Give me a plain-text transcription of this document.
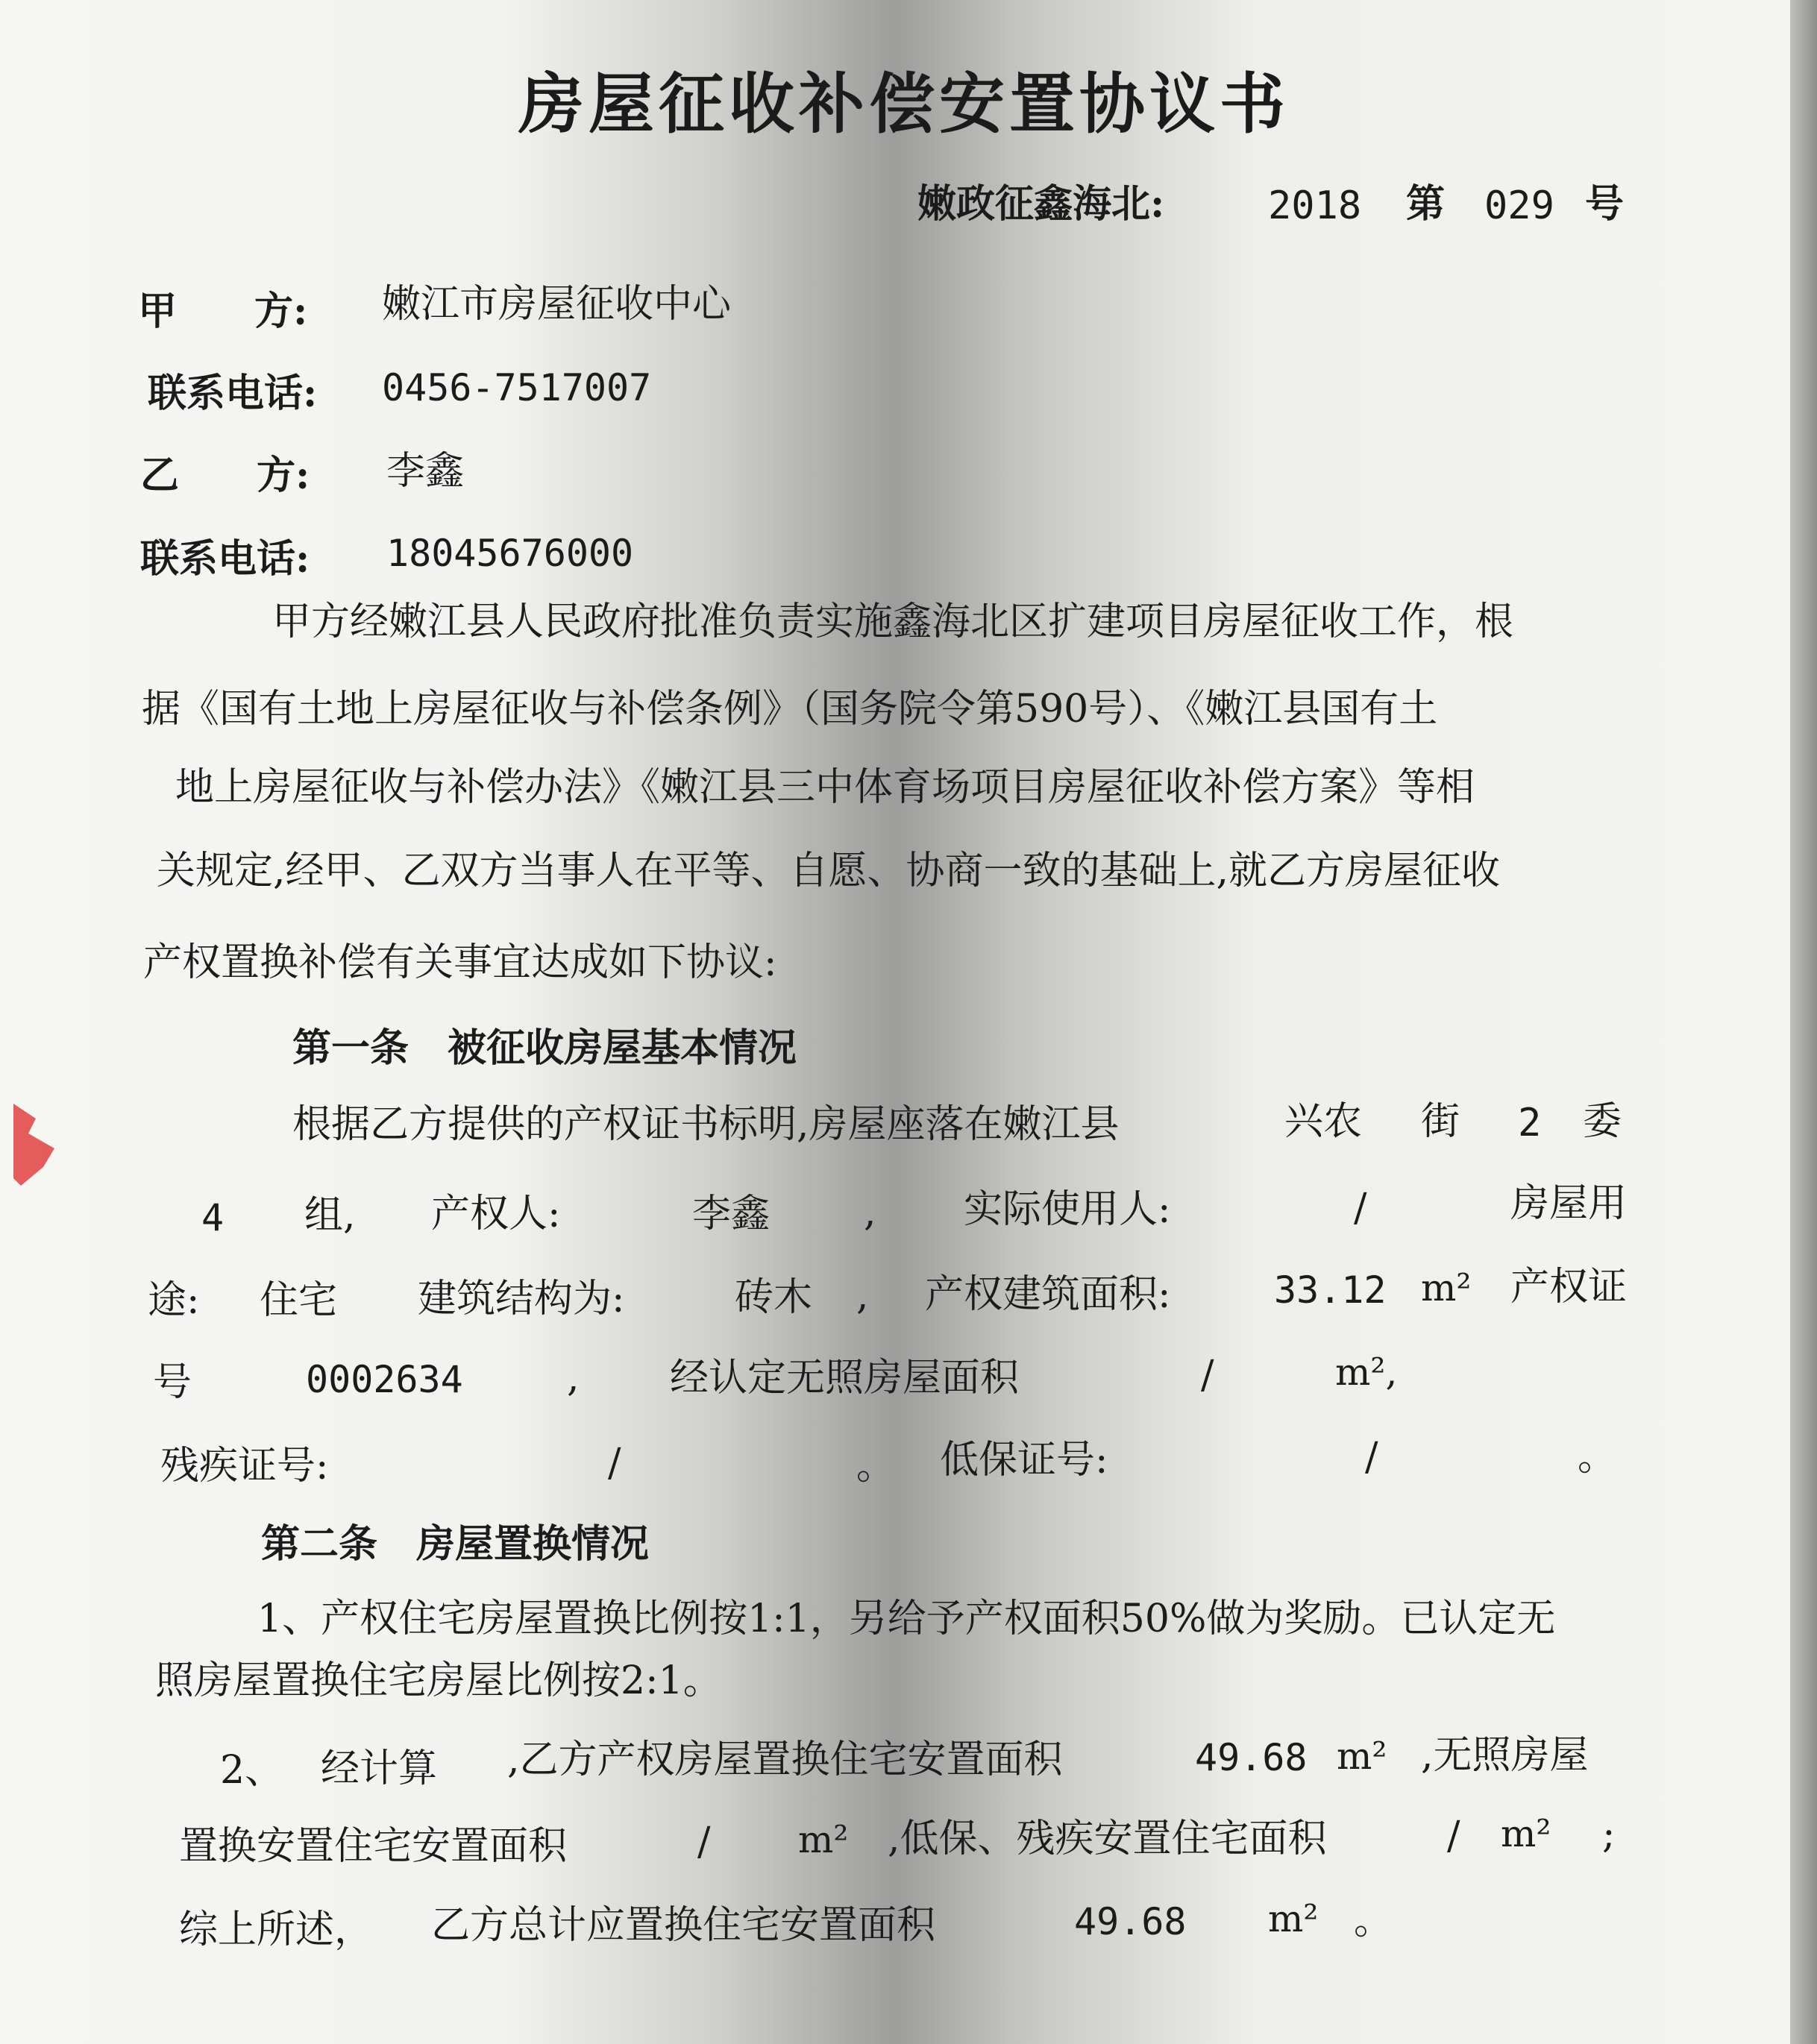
房屋征收补偿安置协议书
嫩政征鑫海北:	2018 第 029 号
甲　　方: 嫩江市房屋征收中心
联系电话: 0456-7517007
乙　　方: 李鑫
联系电话: 18045676000
甲方经嫩江县人民政府批准负责实施鑫海北区扩建项目房屋征收工作，根
据《国有土地上房屋征收与补偿条例》（国务院令第590号）、《嫩江县国有土
地上房屋征收与补偿办法》《嫩江县三中体育场项目房屋征收补偿方案》等相
关规定,经甲、乙双方当事人在平等、自愿、协商一致的基础上,就乙方房屋征收
产权置换补偿有关事宜达成如下协议:
第一条　被征收房屋基本情况
根据乙方提供的产权证书标明,房屋座落在嫩江县	兴农 街 2 委
4 组, 产权人:	李鑫 , 实际使用人:	/	房屋用
途: 住宅 建筑结构为:	砖木 , 产权建筑面积:	33.12 m² 产权证
号	0002634	, 经认定无照房屋面积	/	m²,
残疾证号:	/	。 低保证号:	/	。
第二条　房屋置换情况
1、产权住宅房屋置换比例按1:1，另给予产权面积50%做为奖励。已认定无
照房屋置换住宅房屋比例按2:1。
2、 经计算 ,乙方产权房屋置换住宅安置面积	49.68 m² ,无照房屋
置换安置住宅安置面积	/ m² ,低保、残疾安置住宅面积	/ m² ;
综上所述， 乙方总计应置换住宅安置面积	49.68 m² 。
